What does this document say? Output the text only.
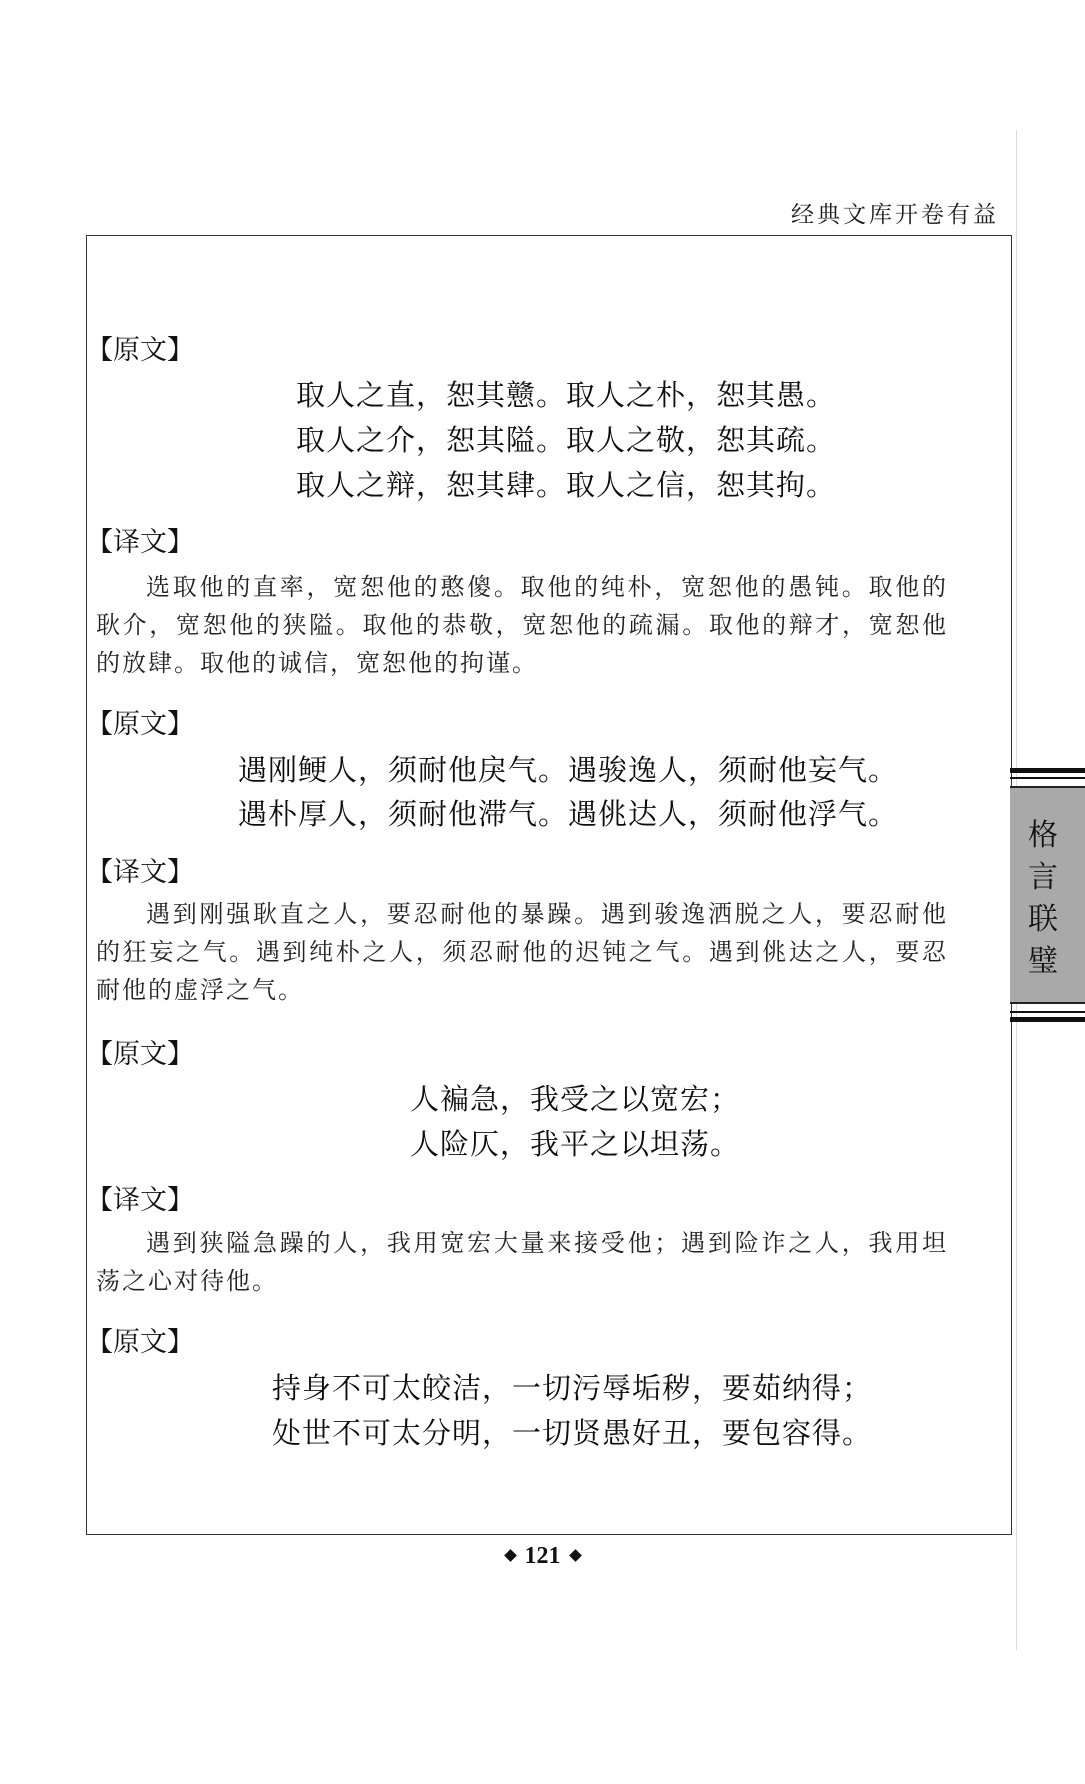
经典文库开卷有益
【原文】
取人之直，恕其戆。取人之朴，恕其愚。
取人之介，恕其隘。取人之敬，恕其疏。
取人之辩，恕其肆。取人之信，恕其拘。
【译文】
选取他的直率，宽恕他的憨傻。取他的纯朴，宽恕他的愚钝。取他的耿介，宽恕他的狭隘。取他的恭敬，宽恕他的疏漏。取他的辩才，宽恕他的放肆。取他的诚信，宽恕他的拘谨。
【原文】
遇刚鲠人，须耐他戾气。遇骏逸人，须耐他妄气。
遇朴厚人，须耐他滞气。遇佻达人，须耐他浮气。
【译文】
遇到刚强耿直之人，要忍耐他的暴躁。遇到骏逸洒脱之人，要忍耐他的狂妄之气。遇到纯朴之人，须忍耐他的迟钝之气。遇到佻达之人，要忍耐他的虚浮之气。
【原文】
人褊急，我受之以宽宏；
人险仄，我平之以坦荡。
【译文】
遇到狭隘急躁的人，我用宽宏大量来接受他；遇到险诈之人，我用坦荡之心对待他。
【原文】
持身不可太皎洁，一切污辱垢秽，要茹纳得；
处世不可太分明，一切贤愚好丑，要包容得。
格
言
联
璧
121
